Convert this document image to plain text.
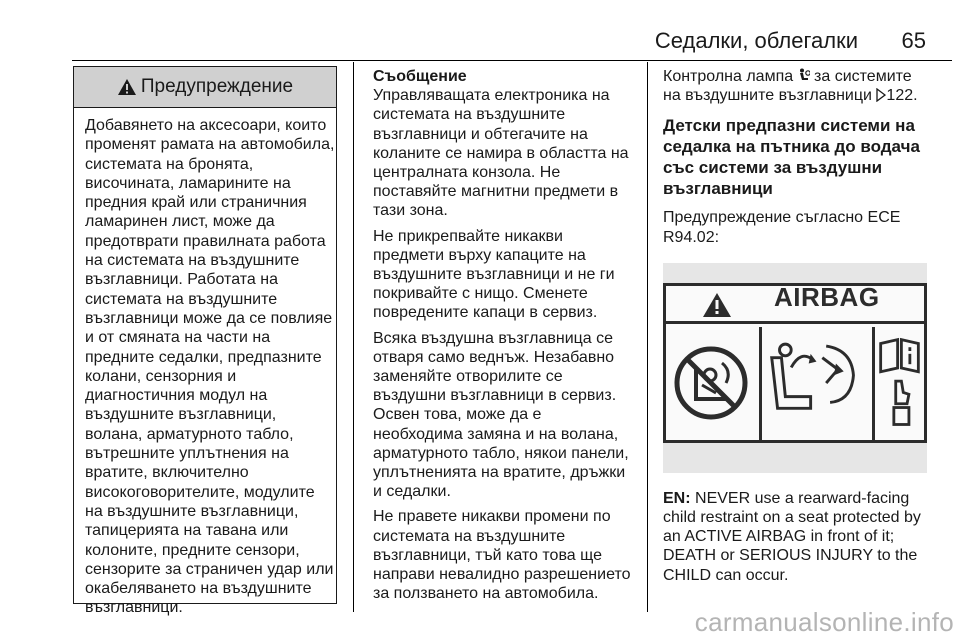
Седалки, облегалки 65
Предупреждение
Добавянето на аксесоари, които променят рамата на автомобила, системата на бронята, височината, ламарините на предния край или страничния ламаринен лист, може да предотврати правилната работа на системата на въздушните възглавници. Работата на системата на въздушните възглавници може да се повлияе и от смяната на части на предните седалки, предпазните колани, сензорния и диагностичния модул на въздушните възглавници, волана, арматурното табло, вътрешните уплътнения на вратите, включително високоговорителите, модулите на въздушните възглавници, тапицерията на тавана или колоните, предните сензори, сензорите за страничен удар или окабеляването на въздушните възглавници.
Съобщение

Управляващата електроника на системата на въздушните възглавници и обтегачите на коланите се намира в областта на централната конзола. Не поставяйте магнитни предмети в тази зона.

Не прикрепвайте никакви предмети върху капаците на въздушните възглавници и не ги покривайте с нищо. Сменете повредените капаци в сервиз.

Всяка въздушна възглавница се отваря само веднъж. Незабавно заменяйте отворилите се въздушни възглавници в сервиз. Освен това, може да е необходима замяна и на волана, арматурното табло, някои панели, уплътненията на вратите, дръжки и седалки.

Не правете никакви промени по системата на въздушните възглавници, тъй като това ще направи невалидно разрешението за ползването на автомобила.

Контролна лампа  за системите на въздушните възглавници 122.

Детски предпазни системи на седалка на пътника до водача със системи за въздушни възглавници

Предупреждение съгласно ECE R94.02:

AIRBAG

EN: NEVER use a rearward-facing child restraint on a seat protected by an ACTIVE AIRBAG in front of it; DEATH or SERIOUS INJURY to the CHILD can occur.

carmanualsonline.info
